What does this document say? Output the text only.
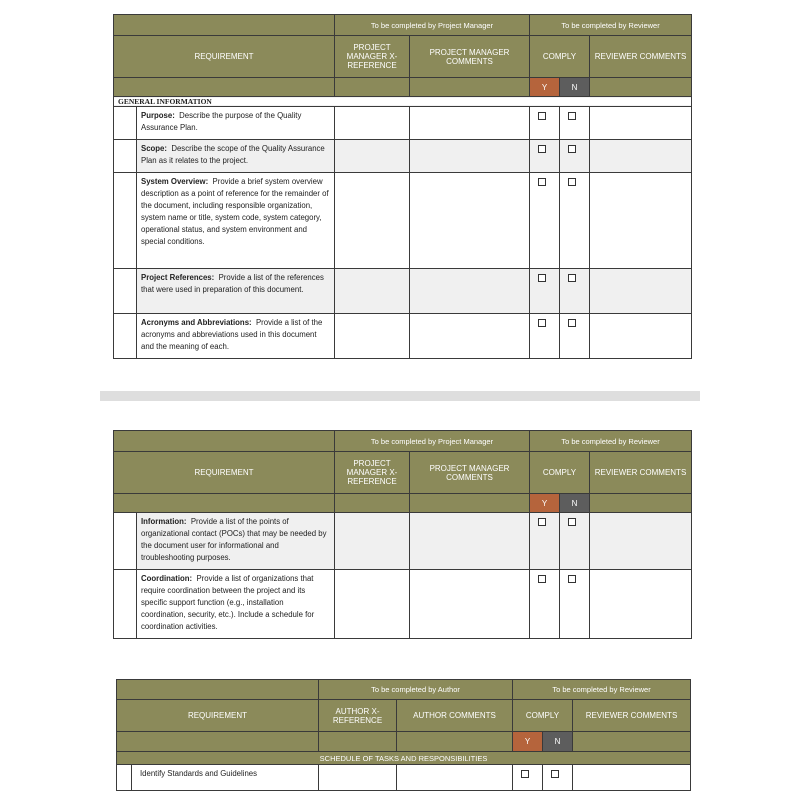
		To be completed by Project Manager		To be completed by Reviewer		
REQUIREMENT		PROJECT MANAGER X-REFERENCE	PROJECT MANAGER COMMENTS	COMPLY		REVIEWER COMMENTS
				Y	N	
GENERAL INFORMATION						
	Purpose: Describe the purpose of the Quality Assurance Plan.					
	Scope: Describe the scope of the Quality Assurance Plan as it relates to the project.					
	System Overview: Provide a brief system overview description as a point of reference for the remainder of the document, including responsible organization, system name or title, system code, system category, operational status, and system environment and special conditions.					
	Project References: Provide a list of the references that were used in preparation of this document.					
	Acronyms and Abbreviations: Provide a list of the acronyms and abbreviations used in this document and the meaning of each.					
		To be completed by Project Manager		To be completed by Reviewer		
REQUIREMENT		PROJECT MANAGER X-REFERENCE	PROJECT MANAGER COMMENTS	COMPLY		REVIEWER COMMENTS
				Y	N	
	Information: Provide a list of the points of organizational contact (POCs) that may be needed by the document user for informational and troubleshooting purposes.					
	Coordination: Provide a list of organizations that require coordination between the project and its specific support function (e.g., installation coordination, security, etc.). Include a schedule for coordination activities.					
		To be completed by Author		To be completed by Reviewer		
REQUIREMENT		AUTHOR X-REFERENCE	AUTHOR COMMENTS	COMPLY		REVIEWER COMMENTS
				Y	N	
SCHEDULE OF TASKS AND RESPONSIBILITIES						
	Identify Standards and Guidelines					
